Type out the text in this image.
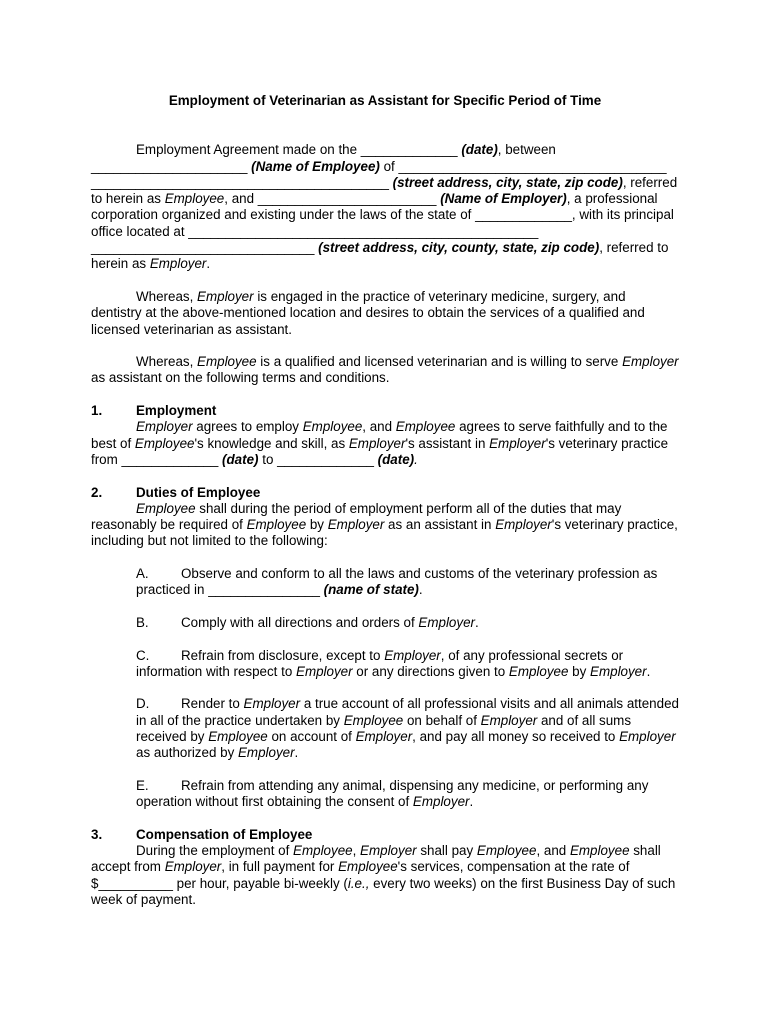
Employment of Veterinarian as Assistant for Specific Period of Time

Employment Agreement made on the _____________ (date), between _____________________ (Name of Employee) of ____________________________________ ________________________________________ (street address, city, state, zip code), referred to herein as Employee, and ________________________ (Name of Employer), a professional corporation organized and existing under the laws of the state of _____________, with its principal office located at _______________________________________________ ______________________________ (street address, city, county, state, zip code), referred to herein as Employer.

Whereas, Employer is engaged in the practice of veterinary medicine, surgery, and dentistry at the above-mentioned location and desires to obtain the services of a qualified and licensed veterinarian as assistant.

Whereas, Employee is a qualified and licensed veterinarian and is willing to serve Employer as assistant on the following terms and conditions.

1.	Employment

Employer agrees to employ Employee, and Employee agrees to serve faithfully and to the best of Employee's knowledge and skill, as Employer's assistant in Employer's veterinary practice from _____________ (date) to _____________ (date).

2.	Duties of Employee

Employee shall during the period of employment perform all of the duties that may reasonably be required of Employee by Employer as an assistant in Employer's veterinary practice, including but not limited to the following:

A. Observe and conform to all the laws and customs of the veterinary profession as practiced in _______________ (name of state).

B. Comply with all directions and orders of Employer.

C. Refrain from disclosure, except to Employer, of any professional secrets or information with respect to Employer or any directions given to Employee by Employer.

D. Render to Employer a true account of all professional visits and all animals attended in all of the practice undertaken by Employee on behalf of Employer and of all sums received by Employee on account of Employer, and pay all money so received to Employer as authorized by Employer.

E. Refrain from attending any animal, dispensing any medicine, or performing any operation without first obtaining the consent of Employer.

3.	Compensation of Employee

During the employment of Employee, Employer shall pay Employee, and Employee shall accept from Employer, in full payment for Employee's services, compensation at the rate of $__________ per hour, payable bi-weekly (i.e., every two weeks) on the first Business Day of such week of payment.
